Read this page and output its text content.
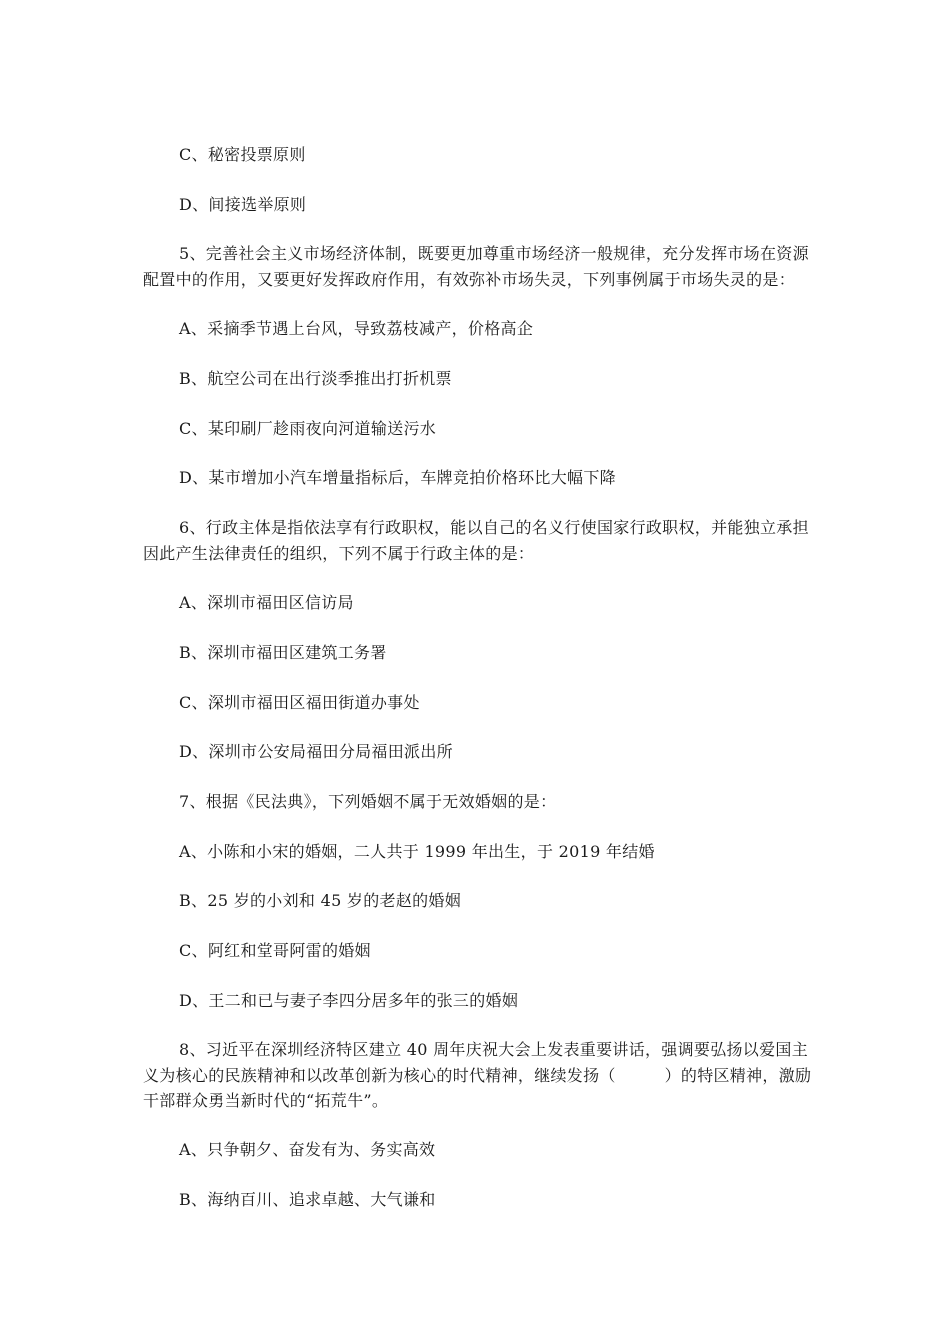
C、秘密投票原则
D、间接选举原则
5、完善社会主义市场经济体制，既要更加尊重市场经济一般规律，充分发挥市场在资源
配置中的作用，又要更好发挥政府作用，有效弥补市场失灵，下列事例属于市场失灵的是：
A、采摘季节遇上台风，导致荔枝减产，价格高企
B、航空公司在出行淡季推出打折机票
C、某印刷厂趁雨夜向河道输送污水
D、某市增加小汽车增量指标后，车牌竞拍价格环比大幅下降
6、行政主体是指依法享有行政职权，能以自己的名义行使国家行政职权，并能独立承担
因此产生法律责任的组织，下列不属于行政主体的是：
A、深圳市福田区信访局
B、深圳市福田区建筑工务署
C、深圳市福田区福田街道办事处
D、深圳市公安局福田分局福田派出所
7、根据《民法典》，下列婚姻不属于无效婚姻的是：
A、小陈和小宋的婚姻，二人共于 1999 年出生，于 2019 年结婚
B、25 岁的小刘和 45 岁的老赵的婚姻
C、阿红和堂哥阿雷的婚姻
D、王二和已与妻子李四分居多年的张三的婚姻
8、习近平在深圳经济特区建立 40 周年庆祝大会上发表重要讲话，强调要弘扬以爱国主
义为核心的民族精神和以改革创新为核心的时代精神，继续发扬（　　　）的特区精神，激励
干部群众勇当新时代的“拓荒牛”。
A、只争朝夕、奋发有为、务实高效
B、海纳百川、追求卓越、大气谦和
